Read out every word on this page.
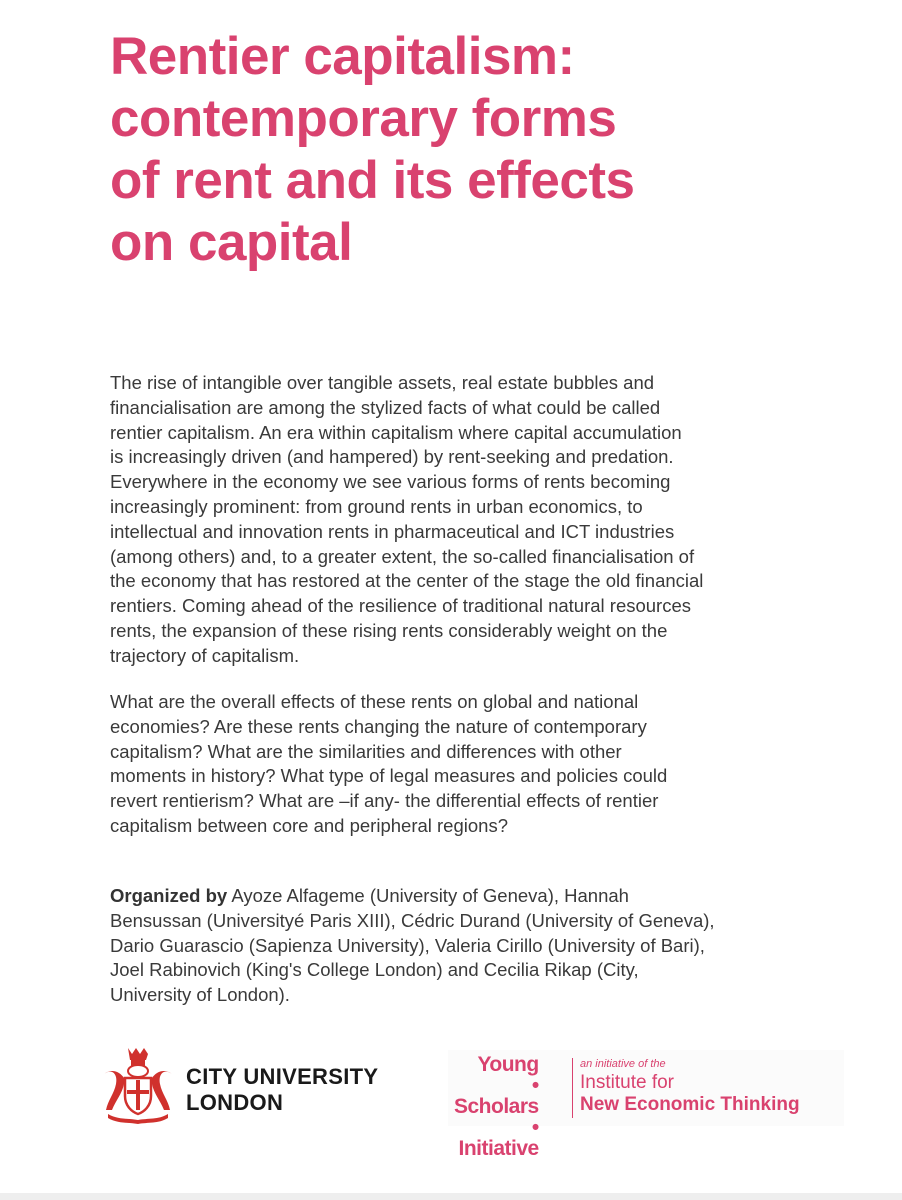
Rentier capitalism:
contemporary forms
of rent and its effects
on capital

The rise of intangible over tangible assets, real estate bubbles and
financialisation are among the stylized facts of what could be called
rentier capitalism. An era within capitalism where capital accumulation
is increasingly driven (and hampered) by rent-seeking and predation.
Everywhere in the economy we see various forms of rents becoming
increasingly prominent: from ground rents in urban economics, to
intellectual and innovation rents in pharmaceutical and ICT industries
(among others) and, to a greater extent, the so-called financialisation of
the economy that has restored at the center of the stage the old financial
rentiers. Coming ahead of the resilience of traditional natural resources
rents, the expansion of these rising rents considerably weight on the
trajectory of capitalism.

What are the overall effects of these rents on global and national
economies? Are these rents changing the nature of contemporary
capitalism? What are the similarities and differences with other
moments in history? What type of legal measures and policies could
revert rentierism? What are –if any- the differential effects of rentier
capitalism between core and peripheral regions?

Organized by Ayoze Alfageme (University of Geneva), Hannah
Bensussan (Universityé Paris XIII), Cédric Durand (University of Geneva),
Dario Guarascio (Sapienza University), Valeria Cirillo (University of Bari),
Joel Rabinovich (King's College London) and Cecilia Rikap (City,
University of London).

CITY UNIVERSITY
LONDON
Young
•
Scholars
•
Initiative
an initiative of the
Institute for
New Economic Thinking
